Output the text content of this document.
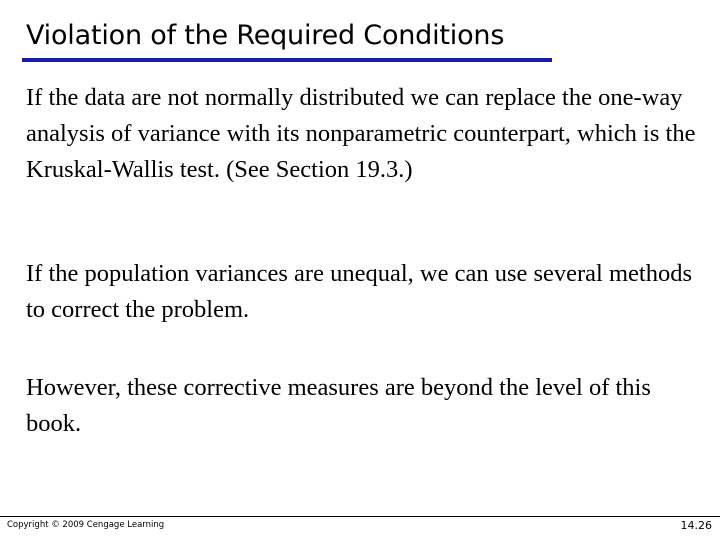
Violation of the Required Conditions

If the data are not normally distributed we can replace the one-way analysis of variance with its nonparametric counterpart, which is the Kruskal-Wallis test. (See Section 19.3.)

If the population variances are unequal, we can use several methods to correct the problem.

However, these corrective measures are beyond the level of this book.

Copyright © 2009 Cengage Learning	14.26
